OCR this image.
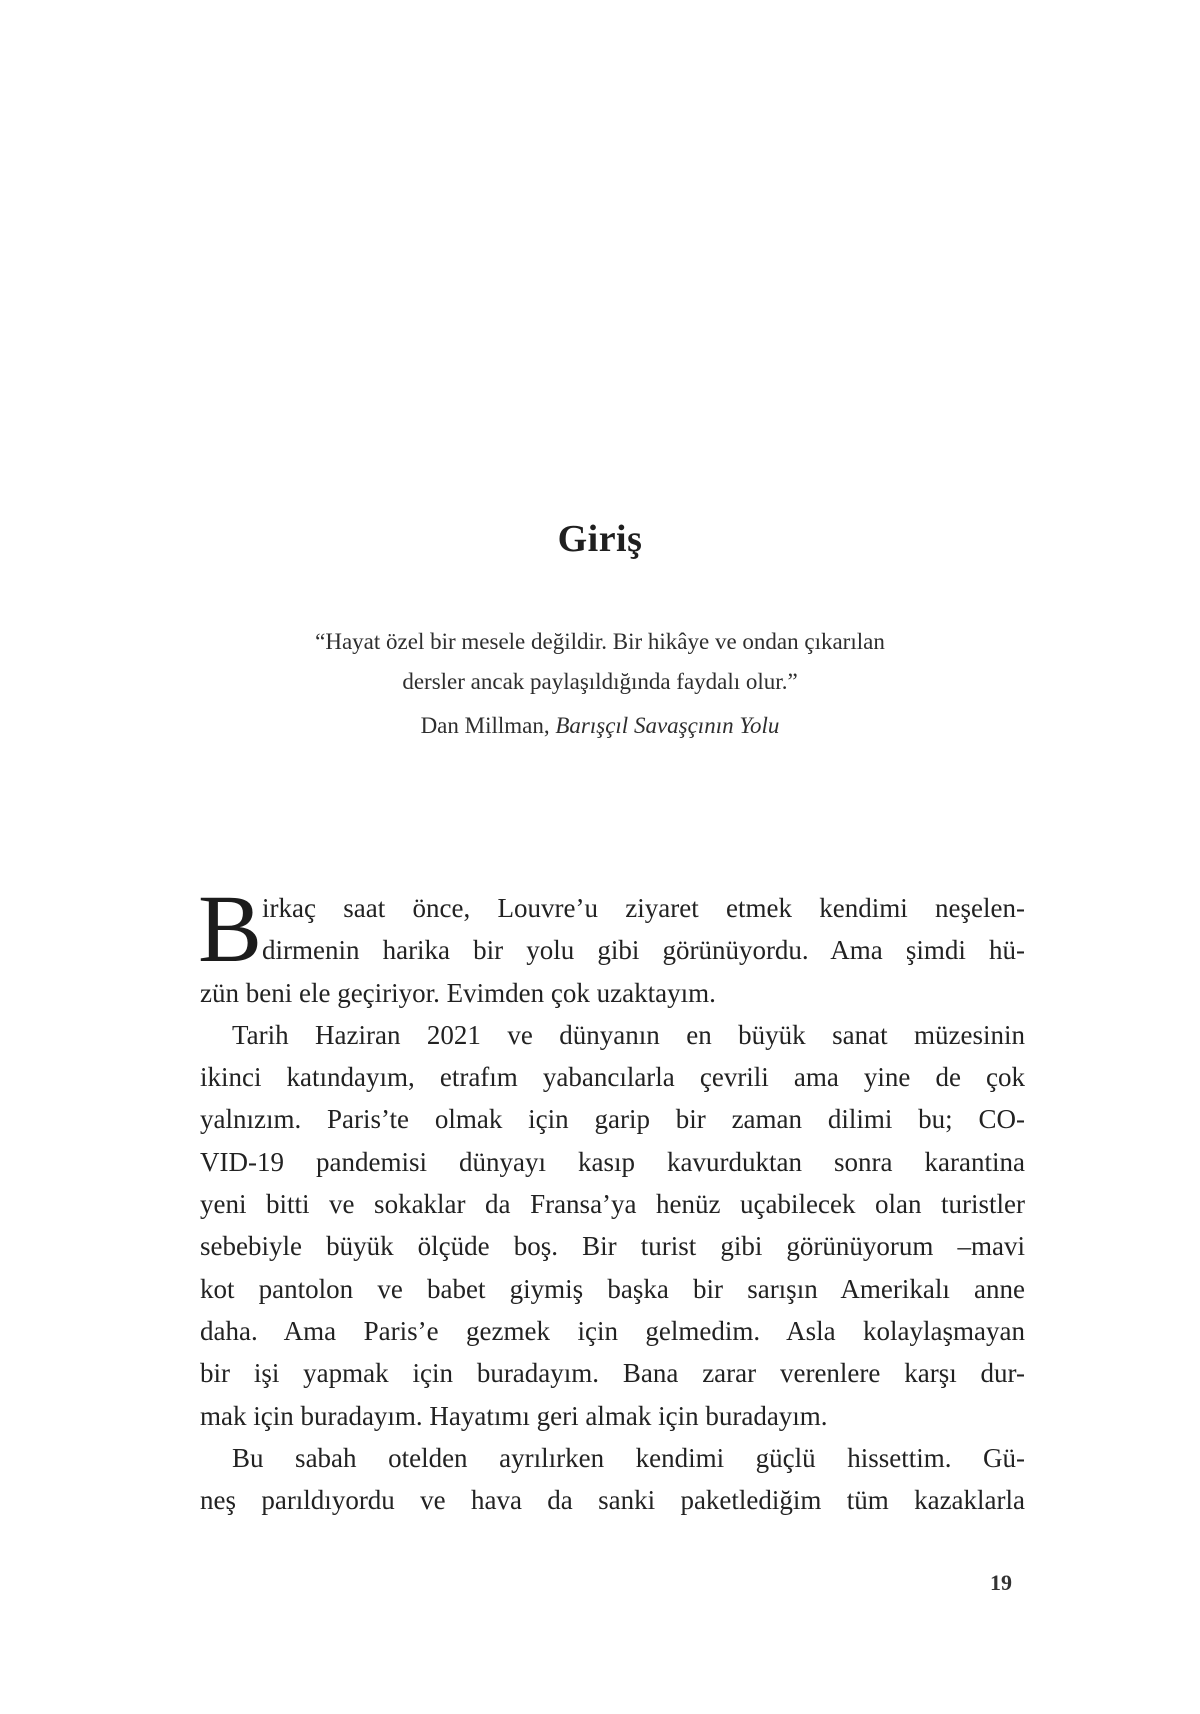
Giriş
“Hayat özel bir mesele değildir. Bir hikâye ve ondan çıkarılan
dersler ancak paylaşıldığında faydalı olur.”
Dan Millman, Barışçıl Savaşçının Yolu
B irkaç saat önce, Louvre’u ziyaret etmek kendimi neşelen-
dirmenin harika bir yolu gibi görünüyordu. Ama şimdi hü-
zün beni ele geçiriyor. Evimden çok uzaktayım.
Tarih Haziran 2021 ve dünyanın en büyük sanat müzesinin
ikinci katındayım, etrafım yabancılarla çevrili ama yine de çok
yalnızım. Paris’te olmak için garip bir zaman dilimi bu; CO-
VID-19 pandemisi dünyayı kasıp kavurduktan sonra karantina
yeni bitti ve sokaklar da Fransa’ya henüz uçabilecek olan turistler
sebebiyle büyük ölçüde boş. Bir turist gibi görünüyorum –mavi
kot pantolon ve babet giymiş başka bir sarışın Amerikalı anne
daha. Ama Paris’e gezmek için gelmedim. Asla kolaylaşmayan
bir işi yapmak için buradayım. Bana zarar verenlere karşı dur-
mak için buradayım. Hayatımı geri almak için buradayım.
Bu sabah otelden ayrılırken kendimi güçlü hissettim. Gü-
neş parıldıyordu ve hava da sanki paketlediğim tüm kazaklarla
19
